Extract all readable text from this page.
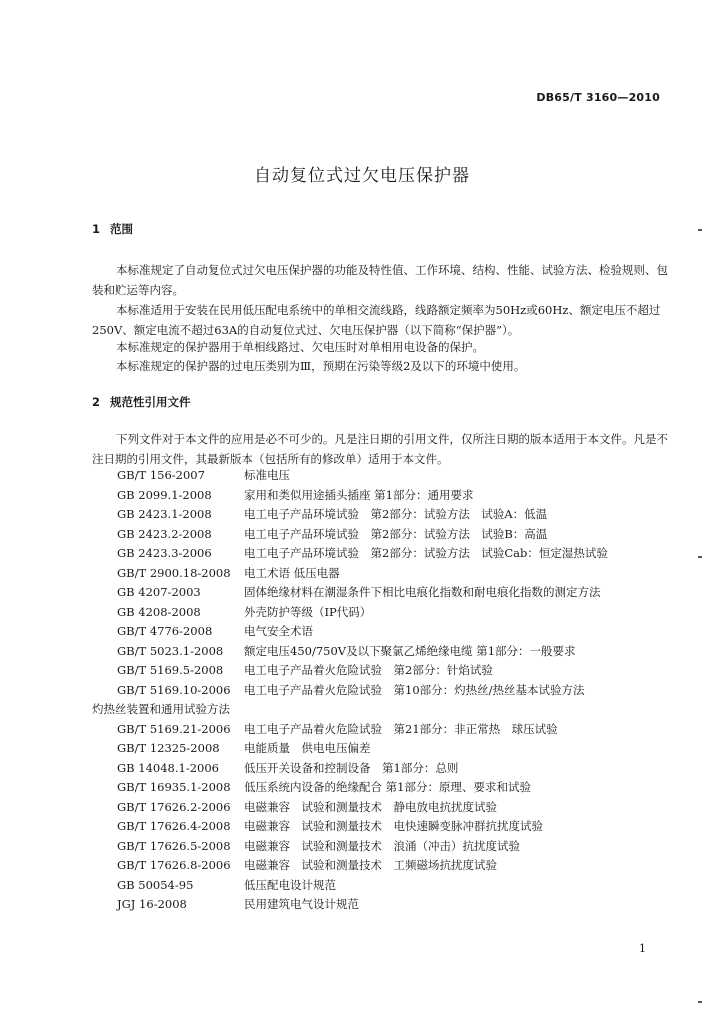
DB65/T 3160—2010
自动复位式过欠电压保护器
1 范围
本标准规定了自动复位式过欠电压保护器的功能及特性值、工作环境、结构、性能、试验方法、检验规则、包装和贮运等内容。
本标准适用于安装在民用低压配电系统中的单相交流线路，线路额定频率为50Hz或60Hz、额定电压不超过250V、额定电流不超过63A的自动复位式过、欠电压保护器（以下简称“保护器”）。
本标准规定的保护器用于单相线路过、欠电压时对单相用电设备的保护。
本标准规定的保护器的过电压类别为Ⅲ，预期在污染等级2及以下的环境中使用。
2 规范性引用文件
下列文件对于本文件的应用是必不可少的。凡是注日期的引用文件，仅所注日期的版本适用于本文件。凡是不注日期的引用文件，其最新版本（包括所有的修改单）适用于本文件。
GB/T 156-2007	标准电压
GB 2099.1-2008	家用和类似用途插头插座 第1部分：通用要求
GB 2423.1-2008	电工电子产品环境试验　第2部分：试验方法　试验A：低温
GB 2423.2-2008	电工电子产品环境试验　第2部分：试验方法　试验B：高温
GB 2423.3-2006	电工电子产品环境试验　第2部分：试验方法　试验Cab：恒定湿热试验
GB/T 2900.18-2008 电工术语 低压电器
GB 4207-2003	固体绝缘材料在潮湿条件下相比电痕化指数和耐电痕化指数的测定方法
GB 4208-2008	外壳防护等级（IP代码）
GB/T 4776-2008	电气安全术语
GB/T 5023.1-2008 额定电压450/750V及以下聚氯乙烯绝缘电缆 第1部分：一般要求
GB/T 5169.5-2008 电工电子产品着火危险试验　第2部分：针焰试验
GB/T 5169.10-2006 电工电子产品着火危险试验　第10部分：灼热丝/热丝基本试验方法
灼热丝装置和通用试验方法
GB/T 5169.21-2006 电工电子产品着火危险试验　第21部分：非正常热　球压试验
GB/T 12325-2008 电能质量　供电电压偏差
GB 14048.1-2006 低压开关设备和控制设备　第1部分：总则
GB/T 16935.1-2008 低压系统内设备的绝缘配合 第1部分：原理、要求和试验
GB/T 17626.2-2006 电磁兼容　试验和测量技术　静电放电抗扰度试验
GB/T 17626.4-2008 电磁兼容　试验和测量技术　电快速瞬变脉冲群抗扰度试验
GB/T 17626.5-2008 电磁兼容　试验和测量技术　浪涌（冲击）抗扰度试验
GB/T 17626.8-2006 电磁兼容　试验和测量技术　工频磁场抗扰度试验
GB 50054-95	低压配电设计规范
JGJ 16-2008	民用建筑电气设计规范
1
